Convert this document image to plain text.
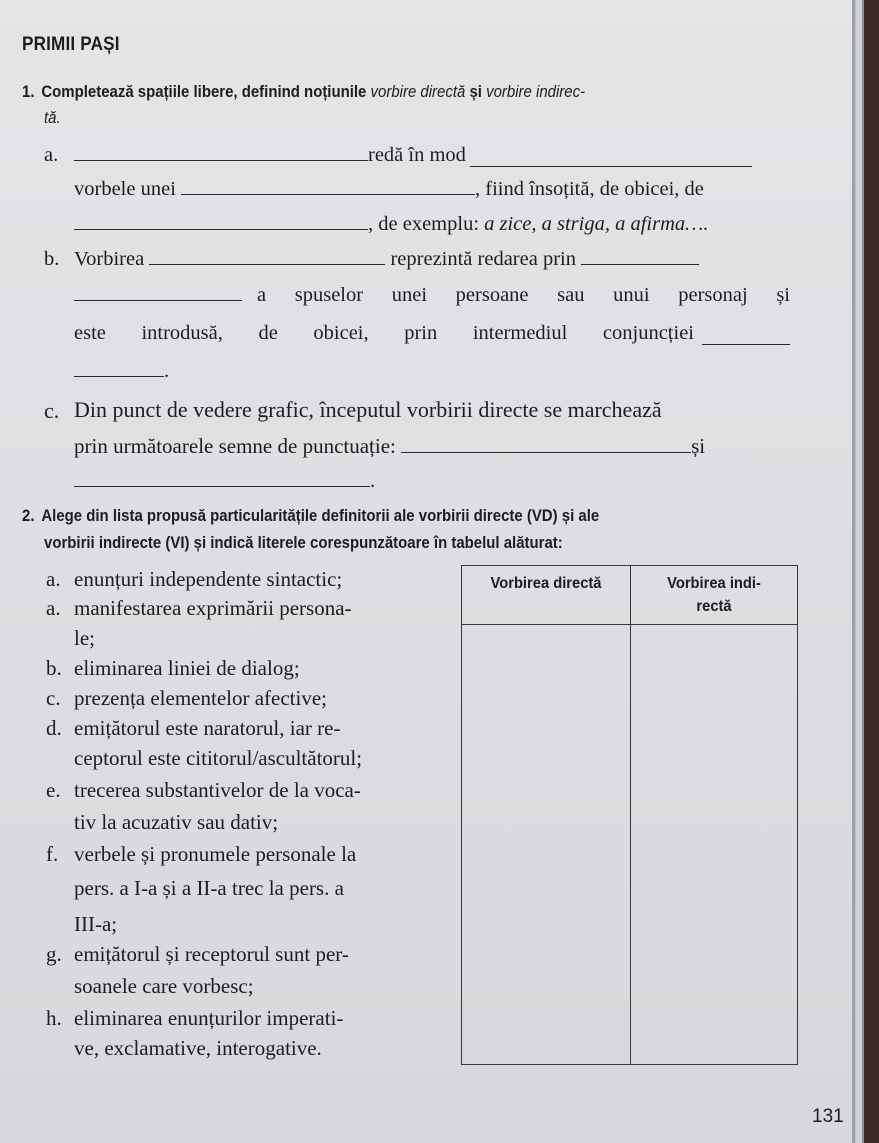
PRIMII PAȘI
1. Completează spațiile libere, definind noțiunile vorbire directă și vorbire indirec-
tă.
a.	redă în mod
vorbele unei	, fiind însoțită, de obicei, de
, de exemplu: a zice, a striga, a afirma….
b. Vorbirea	reprezintă redarea prin
a spuselor unei persoane sau unui personaj și
este introdusă, de obicei, prin intermediul conjuncției
.
c. Din punct de vedere grafic, începutul vorbirii directe se marchează
prin următoarele semne de punctuație:	și
.
2. Alege din lista propusă particularitățile definitorii ale vorbirii directe (VD) și ale
vorbirii indirecte (VI) și indică literele corespunzătoare în tabelul alăturat:
a. enunțuri independente sintactic;
a. manifestarea exprimării persona-
le;
b. eliminarea liniei de dialog;
c. prezența elementelor afective;
d. emițătorul este naratorul, iar re-
ceptorul este cititorul/ascultătorul;
e. trecerea substantivelor de la voca-
tiv la acuzativ sau dativ;
f. verbele și pronumele personale la
pers. a I-a și a II-a trec la pers. a
III-a;
g. emițătorul și receptorul sunt per-
soanele care vorbesc;
h. eliminarea enunțurilor imperati-
ve, exclamative, interogative.
Vorbirea directă	Vorbirea indi-
rectă
131
